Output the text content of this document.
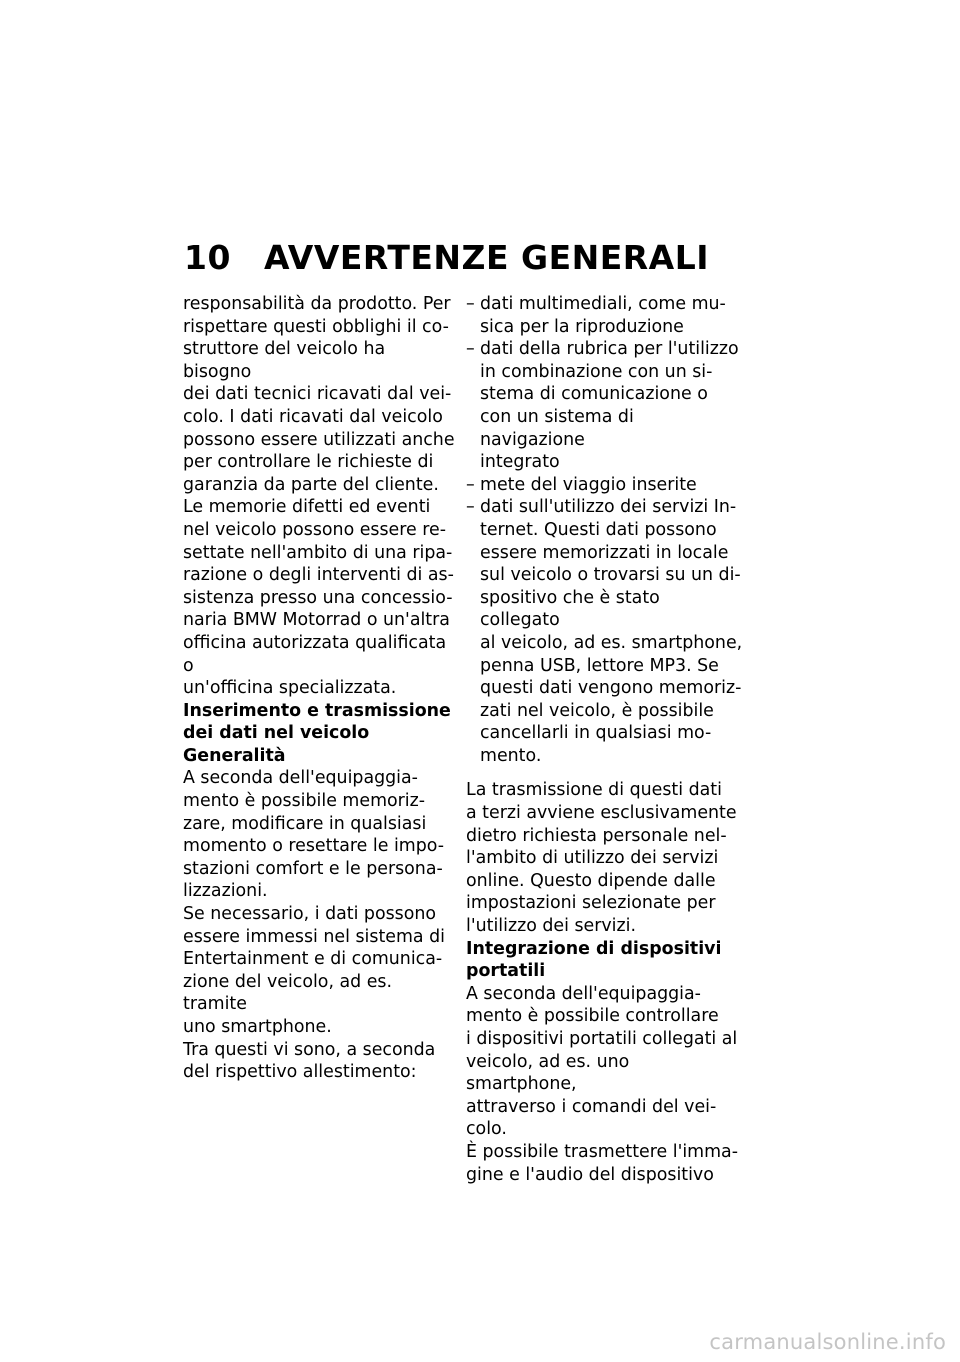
10 AVVERTENZE GENERALI

responsabilità da prodotto. Per
rispettare questi obblighi il co-
struttore del veicolo ha bisogno
dei dati tecnici ricavati dal vei-
colo. I dati ricavati dal veicolo
possono essere utilizzati anche
per controllare le richieste di
garanzia da parte del cliente.

Le memorie difetti ed eventi
nel veicolo possono essere re-
settate nell'ambito di una ripa-
razione o degli interventi di as-
sistenza presso una concessio-
naria BMW Motorrad o un'altra
officina autorizzata qualificata o
un'officina specializzata.

Inserimento e trasmissione
dei dati nel veicolo

Generalità

A seconda dell'equipaggia-
mento è possibile memoriz-
zare, modificare in qualsiasi
momento o resettare le impo-
stazioni comfort e le persona-
lizzazioni.

Se necessario, i dati possono
essere immessi nel sistema di
Entertainment e di comunica-
zione del veicolo, ad es. tramite
uno smartphone.

Tra questi vi sono, a seconda
del rispettivo allestimento:

– dati multimediali, come mu-
sica per la riproduzione
– dati della rubrica per l'utilizzo
in combinazione con un si-
stema di comunicazione o
con un sistema di navigazione
integrato
– mete del viaggio inserite
– dati sull'utilizzo dei servizi In-
ternet. Questi dati possono
essere memorizzati in locale
sul veicolo o trovarsi su un di-
spositivo che è stato collegato
al veicolo, ad es. smartphone,
penna USB, lettore MP3. Se
questi dati vengono memoriz-
zati nel veicolo, è possibile
cancellarli in qualsiasi mo-
mento.

La trasmissione di questi dati
a terzi avviene esclusivamente
dietro richiesta personale nel-
l'ambito di utilizzo dei servizi
online. Questo dipende dalle
impostazioni selezionate per
l'utilizzo dei servizi.

Integrazione di dispositivi
portatili

A seconda dell'equipaggia-
mento è possibile controllare
i dispositivi portatili collegati al
veicolo, ad es. uno smartphone,
attraverso i comandi del vei-
colo.

È possibile trasmettere l'imma-
gine e l'audio del dispositivo

carmanualsonline.info
